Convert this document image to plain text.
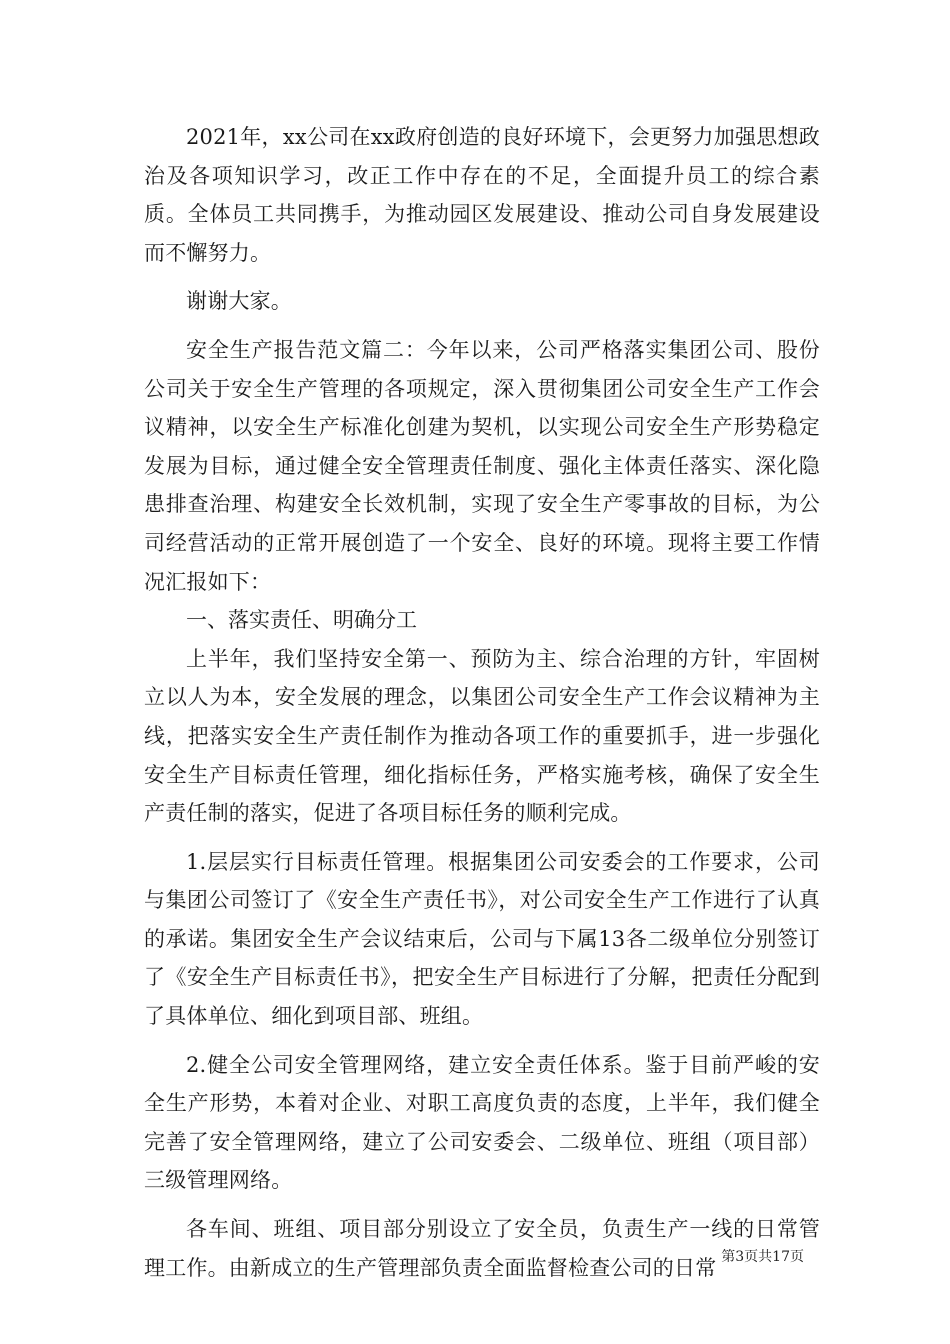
2021年，xx公司在xx政府创造的良好环境下，会更努力加强思想政治及各项知识学习，改正工作中存在的不足，全面提升员工的综合素质。全体员工共同携手，为推动园区发展建设、推动公司自身发展建设而不懈努力。

谢谢大家。

安全生产报告范文篇二：今年以来，公司严格落实集团公司、股份公司关于安全生产管理的各项规定，深入贯彻集团公司安全生产工作会议精神，以安全生产标准化创建为契机，以实现公司安全生产形势稳定发展为目标，通过健全安全管理责任制度、强化主体责任落实、深化隐患排查治理、构建安全长效机制，实现了安全生产零事故的目标，为公司经营活动的正常开展创造了一个安全、良好的环境。现将主要工作情况汇报如下：

一、落实责任、明确分工

上半年，我们坚持安全第一、预防为主、综合治理的方针，牢固树立以人为本，安全发展的理念，以集团公司安全生产工作会议精神为主线，把落实安全生产责任制作为推动各项工作的重要抓手，进一步强化安全生产目标责任管理，细化指标任务，严格实施考核，确保了安全生产责任制的落实，促进了各项目标任务的顺利完成。

1.层层实行目标责任管理。根据集团公司安委会的工作要求，公司与集团公司签订了《安全生产责任书》，对公司安全生产工作进行了认真的承诺。集团安全生产会议结束后，公司与下属13各二级单位分别签订了《安全生产目标责任书》，把安全生产目标进行了分解，把责任分配到了具体单位、细化到项目部、班组。

2.健全公司安全管理网络，建立安全责任体系。鉴于目前严峻的安全生产形势，本着对企业、对职工高度负责的态度，上半年，我们健全完善了安全管理网络，建立了公司安委会、二级单位、班组（项目部）三级管理网络。

各车间、班组、项目部分别设立了安全员，负责生产一线的日常管理工作。由新成立的生产管理部负责全面监督检查公司的日常 第3页共17页
